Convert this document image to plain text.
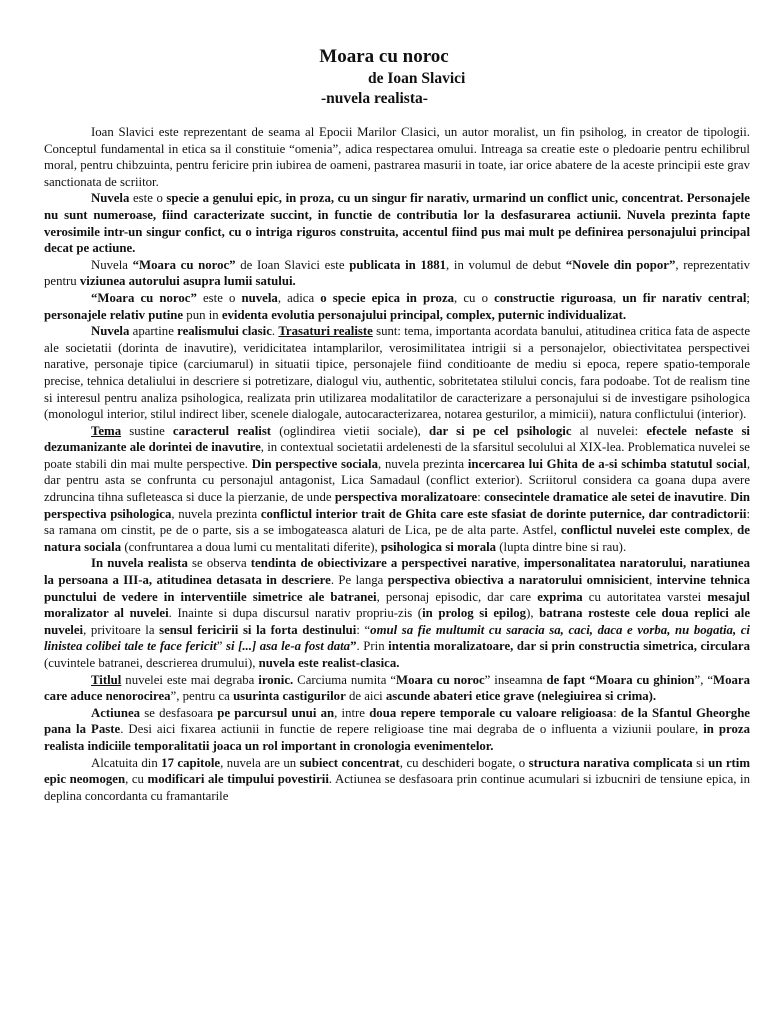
Moara cu noroc
de Ioan Slavici
-nuvela realista-

Ioan Slavici este reprezentant de seama al Epocii Marilor Clasici, un autor moralist, un fin psiholog, in creator de tipologii. Conceptul fundamental in etica sa il constituie “omenia”, adica respectarea omului. Intreaga sa creatie este o pledoarie pentru echilibrul moral, pentru chibzuinta, pentru fericire prin iubirea de oameni, pastrarea masurii in toate, iar orice abatere de la aceste principii este grav sanctionata de scriitor.

Nuvela este o specie a genului epic, in proza, cu un singur fir narativ, urmarind un conflict unic, concentrat. Personajele nu sunt numeroase, fiind caracterizate succint, in functie de contributia lor la desfasurarea actiunii. Nuvela prezinta fapte verosimile intr-un singur confict, cu o intriga riguros construita, accentul fiind pus mai mult pe definirea personajului principal decat pe actiune.

Nuvela “Moara cu noroc” de Ioan Slavici este publicata in 1881, in volumul de debut “Novele din popor”, reprezentativ pentru viziunea autorului asupra lumii satului.

“Moara cu noroc” este o nuvela, adica o specie epica in proza, cu o constructie riguroasa, un fir narativ central; personajele relativ putine pun in evidenta evolutia personajului principal, complex, puternic individualizat.

Nuvela apartine realismului clasic. Trasaturi realiste sunt: tema, importanta acordata banului, atitudinea critica fata de aspecte ale societatii (dorinta de inavutire), veridicitatea intamplarilor, verosimilitatea intrigii si a personajelor, obiectivitatea perspectivei narative, personaje tipice (carciumarul) in situatii tipice, personajele fiind conditioante de mediu si epoca, repere spatio-temporale precise, tehnica detaliului in descriere si potretizare, dialogul viu, authentic, sobritetatea stilului concis, fara podoabe. Tot de realism tine si interesul pentru analiza psihologica, realizata prin utilizarea modalitatilor de caracterizare a personajului si de investigare psihologica (monologul interior, stilul indirect liber, scenele dialogale, autocaracterizarea, notarea gesturilor, a mimicii), natura conflictului (interior).

Tema sustine caracterul realist (oglindirea vietii sociale), dar si pe cel psihologic al nuvelei: efectele nefaste si dezumanizante ale dorintei de inavutire, in contextual societatii ardelenesti de la sfarsitul secolului al XIX-lea. Problematica nuvelei se poate stabili din mai multe perspective. Din perspective sociala, nuvela prezinta incercarea lui Ghita de a-si schimba statutul social, dar pentru asta se confrunta cu personajul antagonist, Lica Samadaul (conflict exterior). Scriitorul considera ca goana dupa avere zdruncina tihna sufleteasca si duce la pierzanie, de unde perspectiva moralizatoare: consecintele dramatice ale setei de inavutire. Din perspectiva psihologica, nuvela prezinta conflictul interior trait de Ghita care este sfasiat de dorinte puternice, dar contradictorii: sa ramana om cinstit, pe de o parte, sis a se imbogateasca alaturi de Lica, pe de alta parte. Astfel, conflictul nuvelei este complex, de natura sociala (confruntarea a doua lumi cu mentalitati diferite), psihologica si morala (lupta dintre bine si rau).

In nuvela realista se observa tendinta de obiectivizare a perspectivei narative, impersonalitatea naratorului, naratiunea la persoana a III-a, atitudinea detasata in descriere. Pe langa perspectiva obiectiva a naratorului omnisicient, intervine tehnica punctului de vedere in interventiile simetrice ale batranei, personaj episodic, dar care exprima cu autoritatea varstei mesajul moralizator al nuvelei. Inainte si dupa discursul narativ propriu-zis (in prolog si epilog), batrana rosteste cele doua replici ale nuvelei, privitoare la sensul fericirii si la forta destinului: “omul sa fie multumit cu saracia sa, caci, daca e vorba, nu bogatia, ci linistea colibei tale te face fericit” si [...] asa le-a fost data”. Prin intentia moralizatoare, dar si prin constructia simetrica, circulara (cuvintele batranei, descrierea drumului), nuvela este realist-clasica.

Titlul nuvelei este mai degraba ironic. Carciuma numita “Moara cu noroc” inseamna de fapt “Moara cu ghinion”, “Moara care aduce nenorocirea”, pentru ca usurinta castigurilor de aici ascunde abateri etice grave (nelegiuirea si crima).

Actiunea se desfasoara pe parcursul unui an, intre doua repere temporale cu valoare religioasa: de la Sfantul Gheorghe pana la Paste. Desi aici fixarea actiunii in functie de repere religioase tine mai degraba de o influenta a viziunii poulare, in proza realista indiciile temporalitatii joaca un rol important in cronologia evenimentelor.

Alcatuita din 17 capitole, nuvela are un subiect concentrat, cu deschideri bogate, o structura narativa complicata si un rtim epic neomogen, cu modificari ale timpului povestirii. Actiunea se desfasoara prin continue acumulari si izbucniri de tensiune epica, in deplina concordanta cu framantarile
